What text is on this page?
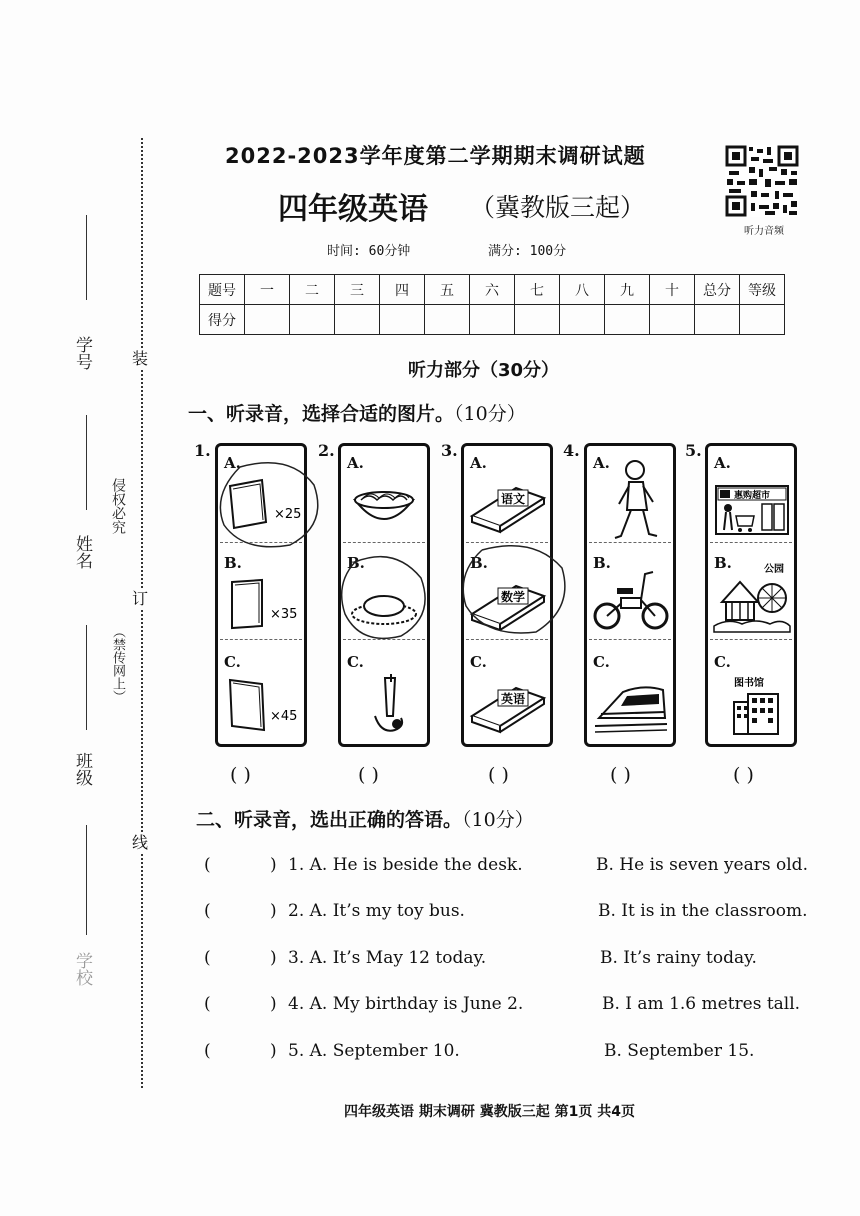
装
订
线
学号
姓名
侵权必究
（禁传网上）
班级
学校
2022-2023学年度第二学期期末调研试题
四年级英语 （冀教版三起）
时间: 60分钟	满分: 100分
听力音频
题号	一	二	三	四	五	六	七	八	九	十	总分	等级
得分												
听力部分（30分）
一、听录音，选择合适的图片。（10分）
1.
A.
×25
B.
×35
C.
×45
2.
A.
B.
C.
3.
A.
语文
B.
数学
C.
英语
4.
A.
B.
C.
5.
A.
惠购超市
B.	公园
C.
图书馆
( )	( )	( )	( )	( )
二、听录音，选出正确的答语。（10分）
(	) 1. A. He is beside the desk.	B. He is seven years old.
(	) 2. A. It’s my toy bus.	B. It is in the classroom.
(	) 3. A. It’s May 12 today.	B. It’s rainy today.
(	) 4. A. My birthday is June 2.	B. I am 1.6 metres tall.
(	) 5. A. September 10.	B. September 15.
四年级英语 期末调研 冀教版三起 第1页 共4页
